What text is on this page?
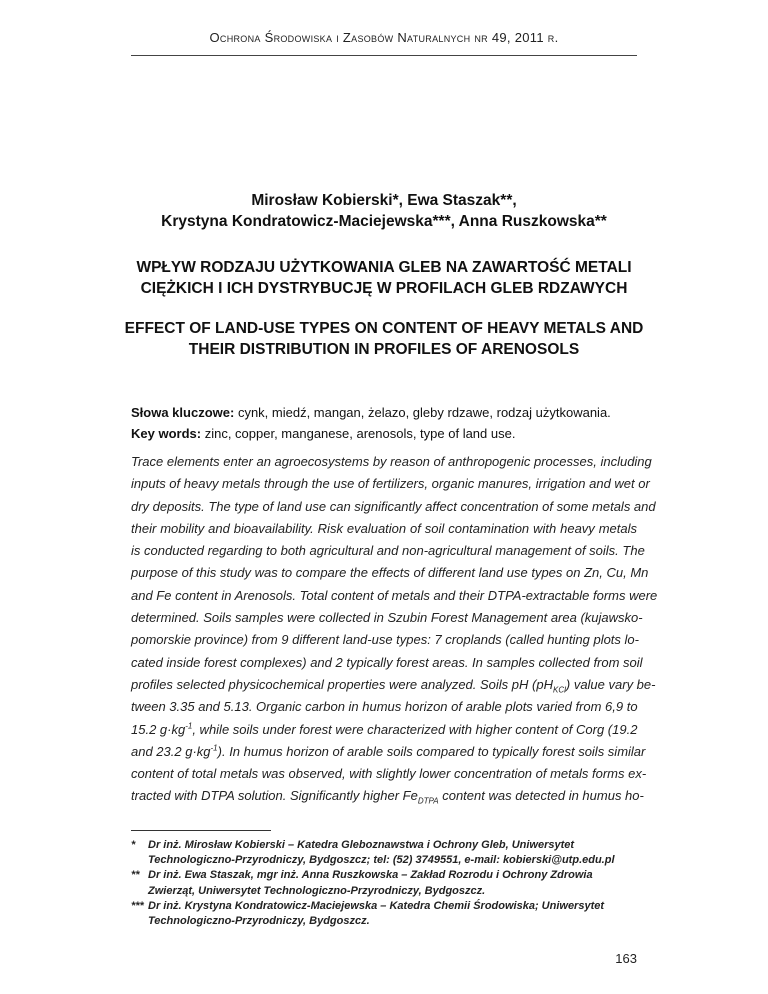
Ochrona Środowiska i Zasobów Naturalnych nr 49, 2011 r.
Mirosław Kobierski*, Ewa Staszak**,
Krystyna Kondratowicz-Maciejewska***, Anna Ruszkowska**
WPŁYW RODZAJU UŻYTKOWANIA GLEB NA ZAWARTOŚĆ METALI
CIĘŻKICH I ICH DYSTRYBUCJĘ W PROFILACH GLEB RDZAWYCH
EFFECT OF LAND-USE TYPES ON CONTENT OF HEAVY METALS AND
THEIR DISTRIBUTION IN PROFILES OF ARENOSOLS
Słowa kluczowe: cynk, miedź, mangan, żelazo, gleby rdzawe, rodzaj użytkowania.
Key words: zinc, copper, manganese, arenosols, type of land use.
Trace elements enter an agroecosystems by reason of anthropogenic processes, including
inputs of heavy metals through the use of fertilizers, organic manures, irrigation and wet or
dry deposits. The type of land use can significantly affect concentration of some metals and
their mobility and bioavailability. Risk evaluation of soil contamination with heavy metals
is conducted regarding to both agricultural and non-agricultural management of soils. The
purpose of this study was to compare the effects of different land use types on Zn, Cu, Mn
and Fe content in Arenosols. Total content of metals and their DTPA-extractable forms were
determined. Soils samples were collected in Szubin Forest Management area (kujawsko-
pomorskie province) from 9 different land-use types: 7 croplands (called hunting plots lo-
cated inside forest complexes) and 2 typically forest areas. In samples collected from soil
profiles selected physicochemical properties were analyzed. Soils pH $(pH_{KCl})$ value vary be-
tween 3.35 and 5.13. Organic carbon in humus horizon of arable plots varied from 6,9 to
15.2 $g\cdot kg^{-1}$, while soils under forest were characterized with higher content of Corg (19.2
and 23.2 $g\cdot kg^{-1}$). In humus horizon of arable soils compared to typically forest soils similar
content of total metals was observed, with slightly lower concentration of metals forms ex-
tracted with DTPA solution. Significantly higher $Fe_{DTPA}$ content was detected in humus ho-
* Dr inż. Mirosław Kobierski – Katedra Gleboznawstwa i Ochrony Gleb, Uniwersytet
Technologiczno-Przyrodniczy, Bydgoszcz; tel: (52) 3749551, e-mail: kobierski@utp.edu.pl
** Dr inż. Ewa Staszak, mgr inż. Anna Ruszkowska – Zakład Rozrodu i Ochrony Zdrowia
Zwierząt, Uniwersytet Technologiczno-Przyrodniczy, Bydgoszcz.
*** Dr inż. Krystyna Kondratowicz-Maciejewska – Katedra Chemii Środowiska; Uniwersytet
Technologiczno-Przyrodniczy, Bydgoszcz.
163
